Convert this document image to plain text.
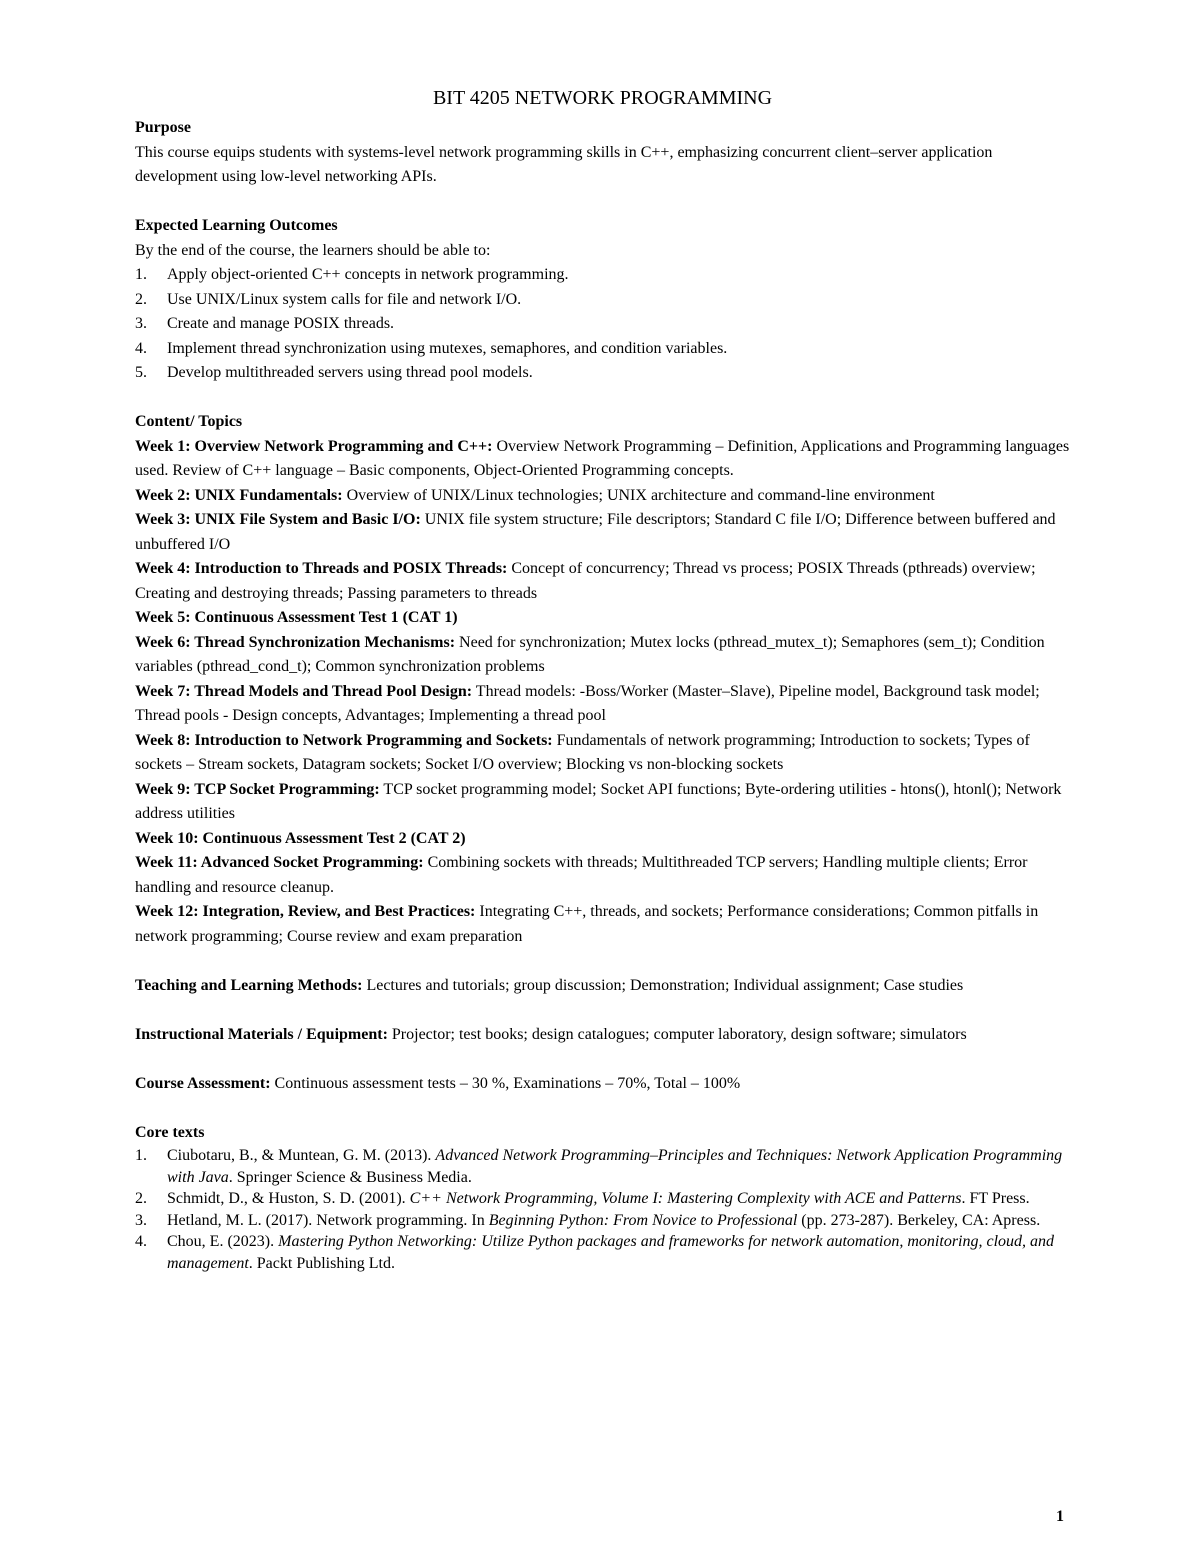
BIT 4205 NETWORK PROGRAMMING
Purpose

This course equips students with systems-level network programming skills in C++, emphasizing concurrent client–server application development using low-level networking APIs.

Expected Learning Outcomes

By the end of the course, the learners should be able to:

1. Apply object-oriented C++ concepts in network programming.
2. Use UNIX/Linux system calls for file and network I/O.
3. Create and manage POSIX threads.
4. Implement thread synchronization using mutexes, semaphores, and condition variables.
5. Develop multithreaded servers using thread pool models.
Content/ Topics
Week 1: Overview Network Programming and C++: Overview Network Programming – Definition, Applications and Programming languages used. Review of C++ language – Basic components, Object-Oriented Programming concepts.
Week 2: UNIX Fundamentals: Overview of UNIX/Linux technologies; UNIX architecture and command-line environment
Week 3: UNIX File System and Basic I/O: UNIX file system structure; File descriptors; Standard C file I/O; Difference between buffered and unbuffered I/O
Week 4: Introduction to Threads and POSIX Threads: Concept of concurrency; Thread vs process; POSIX Threads (pthreads) overview; Creating and destroying threads; Passing parameters to threads
Week 5: Continuous Assessment Test 1 (CAT 1)
Week 6: Thread Synchronization Mechanisms: Need for synchronization; Mutex locks (pthread_mutex_t); Semaphores (sem_t); Condition variables (pthread_cond_t); Common synchronization problems
Week 7: Thread Models and Thread Pool Design: Thread models: -Boss/Worker (Master–Slave), Pipeline model, Background task model; Thread pools - Design concepts, Advantages; Implementing a thread pool
Week 8: Introduction to Network Programming and Sockets: Fundamentals of network programming; Introduction to sockets; Types of sockets – Stream sockets, Datagram sockets; Socket I/O overview; Blocking vs non-blocking sockets
Week 9: TCP Socket Programming: TCP socket programming model; Socket API functions; Byte-ordering utilities - htons(), htonl(); Network address utilities
Week 10: Continuous Assessment Test 2 (CAT 2)
Week 11: Advanced Socket Programming: Combining sockets with threads; Multithreaded TCP servers; Handling multiple clients; Error handling and resource cleanup.
Week 12: Integration, Review, and Best Practices: Integrating C++, threads, and sockets; Performance considerations; Common pitfalls in network programming; Course review and exam preparation
Teaching and Learning Methods: Lectures and tutorials; group discussion; Demonstration; Individual assignment; Case studies
Instructional Materials / Equipment: Projector; test books; design catalogues; computer laboratory, design software; simulators
Course Assessment: Continuous assessment tests – 30 %, Examinations – 70%, Total – 100%
Core texts
1. Ciubotaru, B., & Muntean, G. M. (2013). Advanced Network Programming–Principles and Techniques: Network Application Programming with Java. Springer Science & Business Media.
2. Schmidt, D., & Huston, S. D. (2001). C++ Network Programming, Volume I: Mastering Complexity with ACE and Patterns. FT Press.
3. Hetland, M. L. (2017). Network programming. In Beginning Python: From Novice to Professional (pp. 273-287). Berkeley, CA: Apress.
4. Chou, E. (2023). Mastering Python Networking: Utilize Python packages and frameworks for network automation, monitoring, cloud, and management. Packt Publishing Ltd.
1
